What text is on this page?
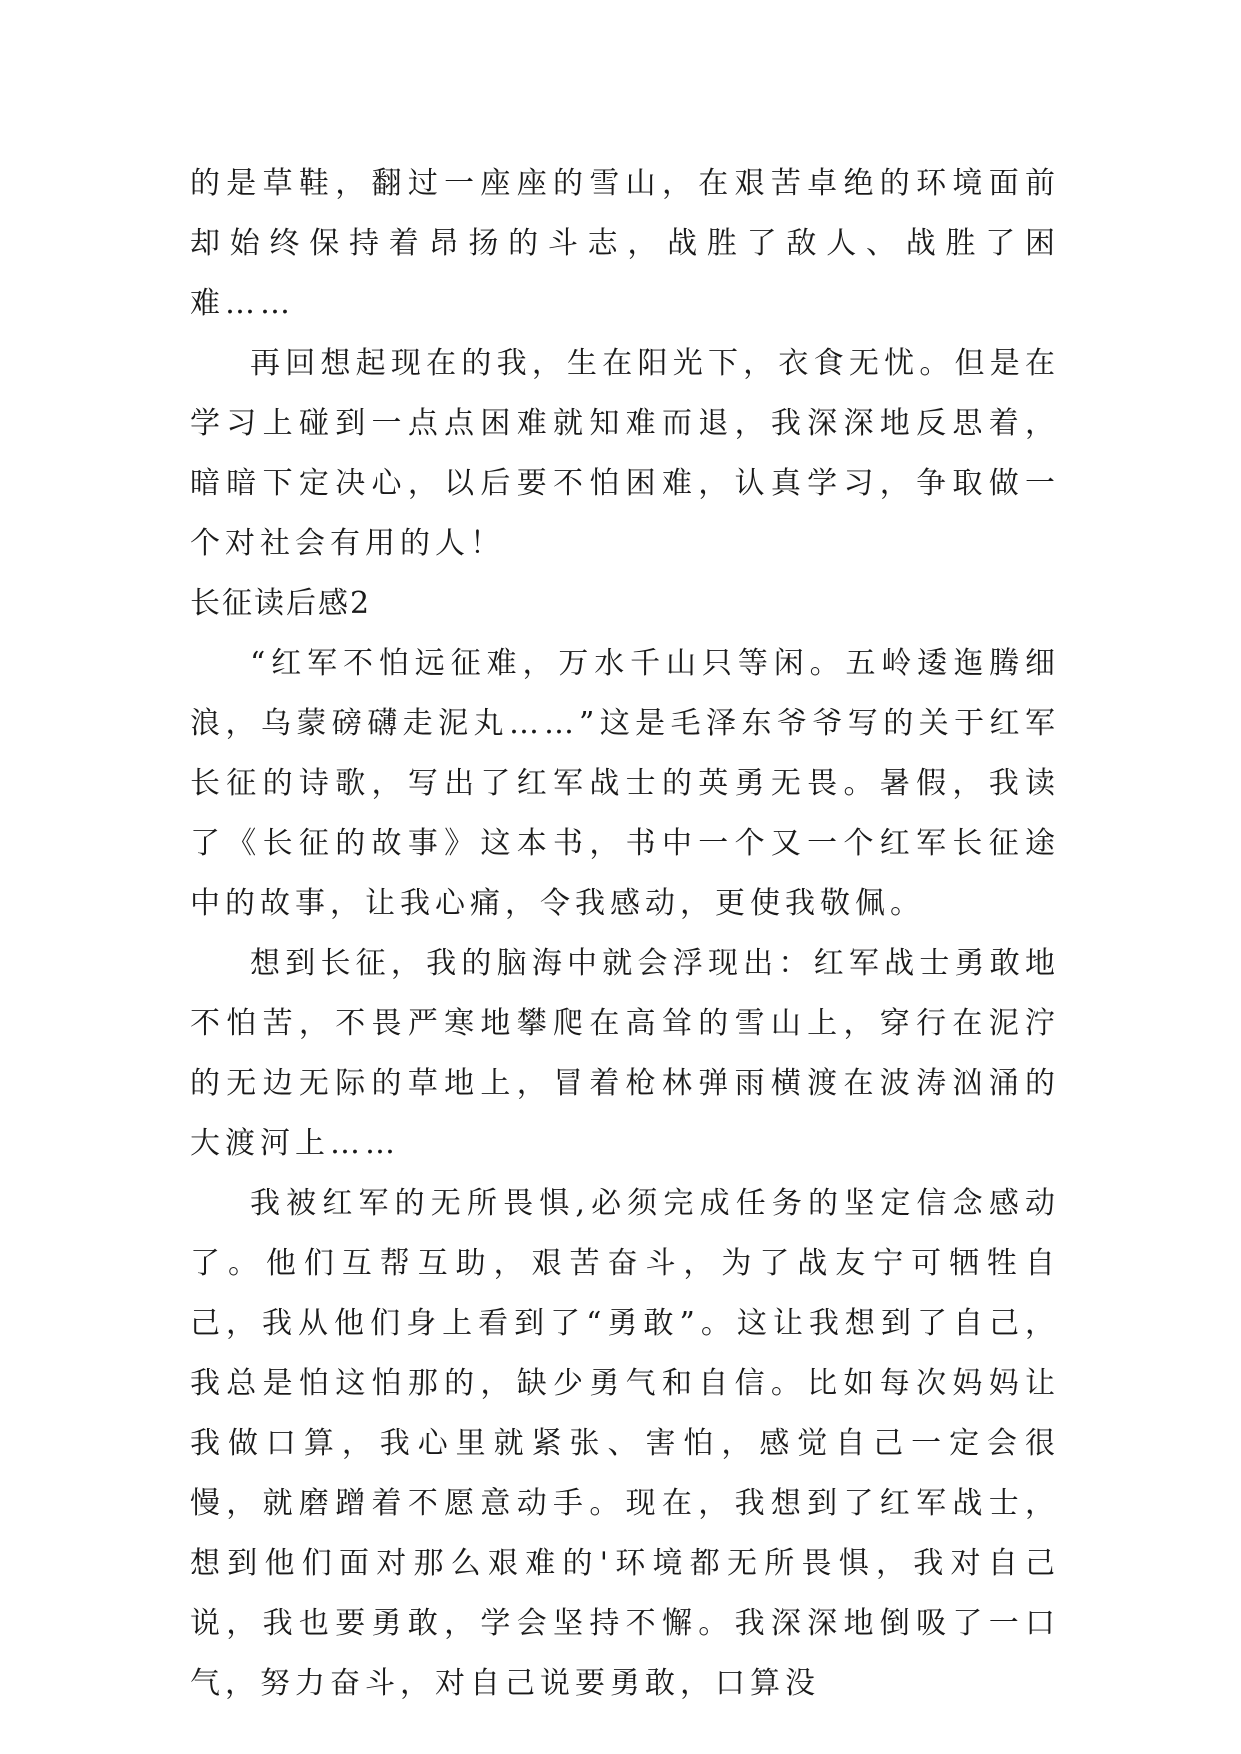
的是草鞋，翻过一座座的雪山，在艰苦卓绝的环境面前却始终保持着昂扬的斗志，战胜了敌人、战胜了困难……

再回想起现在的我，生在阳光下，衣食无忧。但是在学习上碰到一点点困难就知难而退，我深深地反思着，暗暗下定决心，以后要不怕困难，认真学习，争取做一个对社会有用的人！

长征读后感2

“红军不怕远征难，万水千山只等闲。五岭逶迤腾细浪，乌蒙磅礴走泥丸……”这是毛泽东爷爷写的关于红军长征的诗歌，写出了红军战士的英勇无畏。暑假，我读了《长征的故事》这本书，书中一个又一个红军长征途中的故事，让我心痛，令我感动，更使我敬佩。

想到长征，我的脑海中就会浮现出：红军战士勇敢地不怕苦，不畏严寒地攀爬在高耸的雪山上，穿行在泥泞的无边无际的草地上，冒着枪林弹雨横渡在波涛汹涌的大渡河上……

我被红军的无所畏惧,必须完成任务的坚定信念感动了。他们互帮互助，艰苦奋斗，为了战友宁可牺牲自己，我从他们身上看到了“勇敢”。这让我想到了自己，我总是怕这怕那的，缺少勇气和自信。比如每次妈妈让我做口算，我心里就紧张、害怕，感觉自己一定会很慢，就磨蹭着不愿意动手。现在，我想到了红军战士，想到他们面对那么艰难的'环境都无所畏惧，我对自己说，我也要勇敢，学会坚持不懈。我深深地倒吸了一口气，努力奋斗，对自己说要勇敢，口算没
